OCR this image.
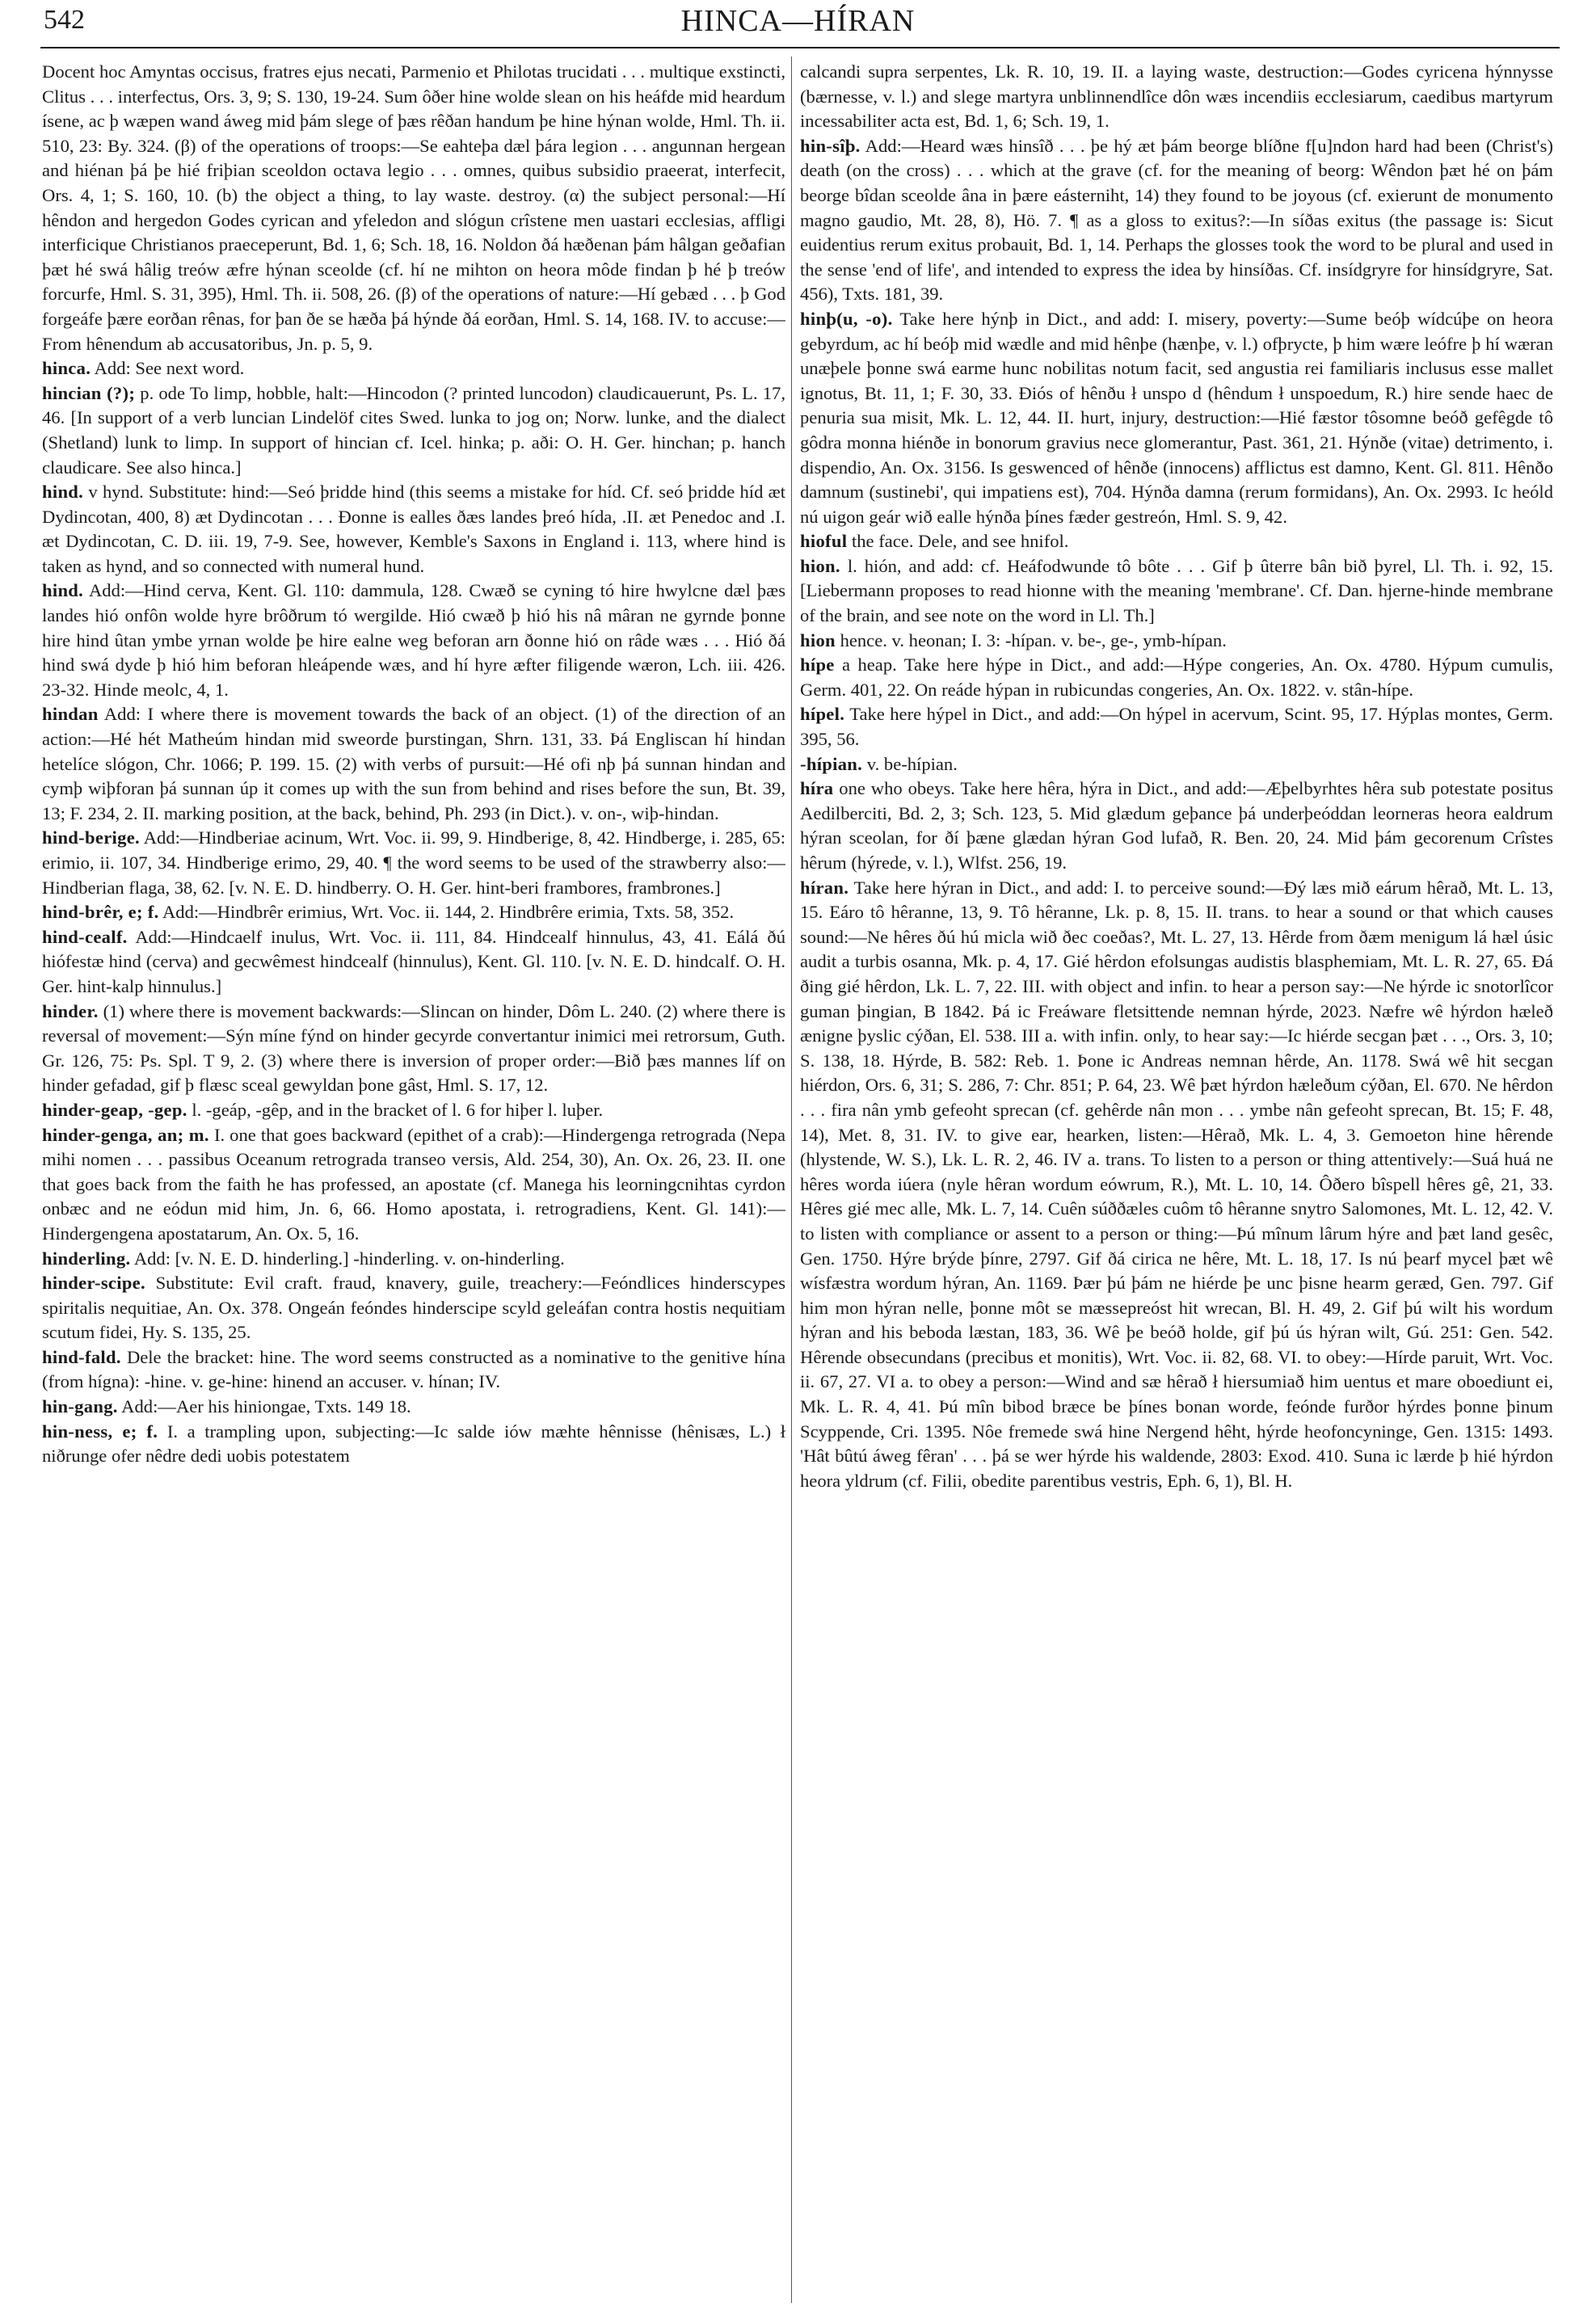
542	HINCA—HÍRAN

Docent hoc Amyntas occisus, fratres ejus necati, Parmenio et Philotas trucidati . . . multique exstincti, Clitus . . . interfectus, Ors. 3, 9; S. 130, 19-24. Sum ôðer hine wolde slean on his heáfde mid heardum ísene, ac þ wæpen wand áweg mid þám slege of þæs rêðan handum þe hine hýnan wolde, Hml. Th. ii. 510, 23: By. 324. (β) of the operations of troops:—Se eahteþa dæl þára legion . . . angunnan hergean and hiénan þá þe hié friþian sceoldon octava legio . . . omnes, quibus subsidio praeerat, interfecit, Ors. 4, 1; S. 160, 10. (b) the object a thing, to lay waste. destroy. (α) the subject personal:—Hí hêndon and hergedon Godes cyrican and yfeledon and slógun crîstene men uastari ecclesias, affligi interficique Christianos praeceperunt, Bd. 1, 6; Sch. 18, 16. Noldon ðá hæðenan þám hâlgan geðafian þæt hé swá hâlig treów æfre hýnan sceolde (cf. hí ne mihton on heora môde findan þ hé þ treów forcurfe, Hml. S. 31, 395), Hml. Th. ii. 508, 26. (β) of the operations of nature:—Hí gebæd . . . þ God forgeáfe þære eorðan rênas, for þan ðe se hæða þá hýnde ðá eorðan, Hml. S. 14, 168. IV. to accuse:—From hênendum ab accusatoribus, Jn. p. 5, 9.

hinca. Add: See next word.

hincian (?); p. ode To limp, hobble, halt:—Hincodon (? printed luncodon) claudicauerunt, Ps. L. 17, 46. [In support of a verb luncian Lindelöf cites Swed. lunka to jog on; Norw. lunke, and the dialect (Shetland) lunk to limp. In support of hincian cf. Icel. hinka; p. aði: O. H. Ger. hinchan; p. hanch claudicare. See also hinca.]

hind. v hynd. Substitute: hind:—Seó þridde hind (this seems a mistake for híd. Cf. seó þridde híd æt Dydincotan, 400, 8) æt Dydincotan . . . Đonne is ealles ðæs landes þreó hída, .II. æt Penedoc and .I. æt Dydincotan, C. D. iii. 19, 7-9. See, however, Kemble's Saxons in England i. 113, where hind is taken as hynd, and so connected with numeral hund.

hind. Add:—Hind cerva, Kent. Gl. 110: dammula, 128. Cwæð se cyning tó hire hwylcne dæl þæs landes hió onfôn wolde hyre brôðrum tó wergilde. Hió cwæð þ hió his nâ mâran ne gyrnde þonne hire hind ûtan ymbe yrnan wolde þe hire ealne weg beforan arn ðonne hió on râde wæs . . . Hió ðá hind swá dyde þ hió him beforan hleápende wæs, and hí hyre æfter filigende wæron, Lch. iii. 426. 23-32. Hinde meolc, 4, 1.

hindan Add: I where there is movement towards the back of an object. (1) of the direction of an action:—Hé hét Matheúm hindan mid sweorde þurstingan, Shrn. 131, 33. Þá Engliscan hí hindan hetelíce slógon, Chr. 1066; P. 199. 15. (2) with verbs of pursuit:—Hé ofi nþ þá sunnan hindan and cymþ wiþforan þá sunnan úp it comes up with the sun from behind and rises before the sun, Bt. 39, 13; F. 234, 2. II. marking position, at the back, behind, Ph. 293 (in Dict.). v. on-, wiþ-hindan.

hind-berige. Add:—Hindberiae acinum, Wrt. Voc. ii. 99, 9. Hindberige, 8, 42. Hindberge, i. 285, 65: erimio, ii. 107, 34. Hindberige erimo, 29, 40. ¶ the word seems to be used of the strawberry also:—Hindberian flaga, 38, 62. [v. N. E. D. hindberry. O. H. Ger. hint-beri frambores, frambrones.]

hind-brêr, e; f. Add:—Hindbrêr erimius, Wrt. Voc. ii. 144, 2. Hindbrêre erimia, Txts. 58, 352.

hind-cealf. Add:—Hindcaelf inulus, Wrt. Voc. ii. 111, 84. Hindcealf hinnulus, 43, 41. Eálá ðú hiófestæ hind (cerva) and gecwêmest hindcealf (hinnulus), Kent. Gl. 110. [v. N. E. D. hindcalf. O. H. Ger. hint-kalp hinnulus.]

hinder. (1) where there is movement backwards:—Slincan on hinder, Dôm L. 240. (2) where there is reversal of movement:—Sýn míne fýnd on hinder gecyrde convertantur inimici mei retrorsum, Guth. Gr. 126, 75: Ps. Spl. T 9, 2. (3) where there is inversion of proper order:—Bið þæs mannes líf on hinder gefadad, gif þ flæsc sceal gewyldan þone gâst, Hml. S. 17, 12.

hinder-geap, -gep. l. -geáp, -gêp, and in the bracket of l. 6 for hiþer l. luþer.

hinder-genga, an; m. I. one that goes backward (epithet of a crab):—Hindergenga retrograda (Nepa mihi nomen . . . passibus Oceanum retrograda transeo versis, Ald. 254, 30), An. Ox. 26, 23. II. one that goes back from the faith he has professed, an apostate (cf. Manega his leorningcnihtas cyrdon onbæc and ne eódun mid him, Jn. 6, 66. Homo apostata, i. retrogradiens, Kent. Gl. 141):—Hindergengena apostatarum, An. Ox. 5, 16.

hinderling. Add: [v. N. E. D. hinderling.] -hinderling. v. on-hinderling.

hinder-scipe. Substitute: Evil craft. fraud, knavery, guile, treachery:—Feóndlices hinderscypes spiritalis nequitiae, An. Ox. 378. Ongeán feóndes hinderscipe scyld geleáfan contra hostis nequitiam scutum fidei, Hy. S. 135, 25.

hind-fald. Dele the bracket: hine. The word seems constructed as a nominative to the genitive hína (from hígna): -hine. v. ge-hine: hinend an accuser. v. hínan; IV.

hin-gang. Add:—Aer his hiniongae, Txts. 149 18.

hin-ness, e; f. I. a trampling upon, subjecting:—Ic salde iów mæhte hênnisse (hênisæs, L.) ł niðrunge ofer nêdre dedi uobis potestatem

calcandi supra serpentes, Lk. R. 10, 19. II. a laying waste, destruction:—Godes cyricena hýnnysse (bærnesse, v. l.) and slege martyra unblinnendlîce dôn wæs incendiis ecclesiarum, caedibus martyrum incessabiliter acta est, Bd. 1, 6; Sch. 19, 1.

hin-sîþ. Add:—Heard wæs hinsîð . . . þe hý æt þám beorge blíðne f[u]ndon hard had been (Christ's) death (on the cross) . . . which at the grave (cf. for the meaning of beorg: Wêndon þæt hé on þám beorge bîdan sceolde âna in þære eásterniht, 14) they found to be joyous (cf. exierunt de monumento magno gaudio, Mt. 28, 8), Hö. 7. ¶ as a gloss to exitus?:—In síðas exitus (the passage is: Sicut euidentius rerum exitus probauit, Bd. 1, 14. Perhaps the glosses took the word to be plural and used in the sense 'end of life', and intended to express the idea by hinsíðas. Cf. insídgryre for hinsídgryre, Sat. 456), Txts. 181, 39.

hinþ(u, -o). Take here hýnþ in Dict., and add: I. misery, poverty:—Sume beóþ wídcúþe on heora gebyrdum, ac hí beóþ mid wædle and mid hênþe (hænþe, v. l.) ofþrycte, þ him wære leófre þ hí wæran unæþele þonne swá earme hunc nobilitas notum facit, sed angustia rei familiaris inclusus esse mallet ignotus, Bt. 11, 1; F. 30, 33. Ðiós of hênðu ł unspo d (hêndum ł unspoedum, R.) hire sende haec de penuria sua misit, Mk. L. 12, 44. II. hurt, injury, destruction:—Hié fæstor tôsomne beóð gefêgde tô gôdra monna hiénðe in bonorum gravius nece glomerantur, Past. 361, 21. Hýnðe (vitae) detrimento, i. dispendio, An. Ox. 3156. Is geswenced of hênðe (innocens) afflictus est damno, Kent. Gl. 811. Hênðo damnum (sustinebi', qui impatiens est), 704. Hýnða damna (rerum formidans), An. Ox. 2993. Ic heóld nú uigon geár wið ealle hýnða þínes fæder gestreón, Hml. S. 9, 42.

hioful the face. Dele, and see hnifol.

hion. l. hión, and add: cf. Heáfodwunde tô bôte . . . Gif þ ûterre bân bið þyrel, Ll. Th. i. 92, 15. [Liebermann proposes to read hionne with the meaning 'membrane'. Cf. Dan. hjerne-hinde membrane of the brain, and see note on the word in Ll. Th.]

hion hence. v. heonan; I. 3: -hípan. v. be-, ge-, ymb-hípan.

hípe a heap. Take here hýpe in Dict., and add:—Hýpe congeries, An. Ox. 4780. Hýpum cumulis, Germ. 401, 22. On reáde hýpan in rubicundas congeries, An. Ox. 1822. v. stân-hípe.

hípel. Take here hýpel in Dict., and add:—On hýpel in acervum, Scint. 95, 17. Hýplas montes, Germ. 395, 56.

-hípian. v. be-hípian.

híra one who obeys. Take here hêra, hýra in Dict., and add:—Æþelbyrhtes hêra sub potestate positus Aedilberciti, Bd. 2, 3; Sch. 123, 5. Mid glædum geþance þá underþeóddan leorneras heora ealdrum hýran sceolan, for ðí þæne glædan hýran God lufað, R. Ben. 20, 24. Mid þám gecorenum Crîstes hêrum (hýrede, v. l.), Wlfst. 256, 19.

híran. Take here hýran in Dict., and add: I. to perceive sound:—Đý læs mið eárum hêrað, Mt. L. 13, 15. Eáro tô hêranne, 13, 9. Tô hêranne, Lk. p. 8, 15. II. trans. to hear a sound or that which causes sound:—Ne hêres ðú hú micla wið ðec coeðas?, Mt. L. 27, 13. Hêrde from ðæm menigum lá hæl úsic audit a turbis osanna, Mk. p. 4, 17. Gié hêrdon efolsungas audistis blasphemiam, Mt. L. R. 27, 65. Đá ðing gié hêrdon, Lk. L. 7, 22. III. with object and infin. to hear a person say:—Ne hýrde ic snotorlîcor guman þingian, B 1842. Þá ic Freáware fletsittende nemnan hýrde, 2023. Næfre wê hýrdon hæleð ænigne þyslic cýðan, El. 538. III a. with infin. only, to hear say:—Ic hiérde secgan þæt . . ., Ors. 3, 10; S. 138, 18. Hýrde, B. 582: Reb. 1. Þone ic Andreas nemnan hêrde, An. 1178. Swá wê hit secgan hiérdon, Ors. 6, 31; S. 286, 7: Chr. 851; P. 64, 23. Wê þæt hýrdon hæleðum cýðan, El. 670. Ne hêrdon . . . fira nân ymb gefeoht sprecan (cf. gehêrde nân mon . . . ymbe nân gefeoht sprecan, Bt. 15; F. 48, 14), Met. 8, 31. IV. to give ear, hearken, listen:—Hêrað, Mk. L. 4, 3. Gemoeton hine hêrende (hlystende, W. S.), Lk. L. R. 2, 46. IV a. trans. To listen to a person or thing attentively:—Suá huá ne hêres worda iúera (nyle hêran wordum eówrum, R.), Mt. L. 10, 14. Ôðero bîspell hêres gê, 21, 33. Hêres gié mec alle, Mk. L. 7, 14. Cuên súððæles cuôm tô hêranne snytro Salomones, Mt. L. 12, 42. V. to listen with compliance or assent to a person or thing:—Þú mînum lârum hýre and þæt land gesêc, Gen. 1750. Hýre brýde þínre, 2797. Gif ðá cirica ne hêre, Mt. L. 18, 17. Is nú þearf mycel þæt wê wísfæstra wordum hýran, An. 1169. Þær þú þám ne hiérde þe unc þisne hearm geræd, Gen. 797. Gif him mon hýran nelle, þonne môt se mæssepreóst hit wrecan, Bl. H. 49, 2. Gif þú wilt his wordum hýran and his beboda læstan, 183, 36. Wê þe beóð holde, gif þú ús hýran wilt, Gú. 251: Gen. 542. Hêrende obsecundans (precibus et monitis), Wrt. Voc. ii. 82, 68. VI. to obey:—Hírde paruit, Wrt. Voc. ii. 67, 27. VI a. to obey a person:—Wind and sæ hêrað ł hiersumiað him uentus et mare oboediunt ei, Mk. L. R. 4, 41. Þú mîn bibod bræce be þínes bonan worde, feónde furðor hýrdes þonne þinum Scyppende, Cri. 1395. Nôe fremede swá hine Nergend hêht, hýrde heofoncyninge, Gen. 1315: 1493. 'Hât bûtú áweg fêran' . . . þá se wer hýrde his waldende, 2803: Exod. 410. Suna ic lærde þ hié hýrdon heora yldrum (cf. Filii, obedite parentibus vestris, Eph. 6, 1), Bl. H.
